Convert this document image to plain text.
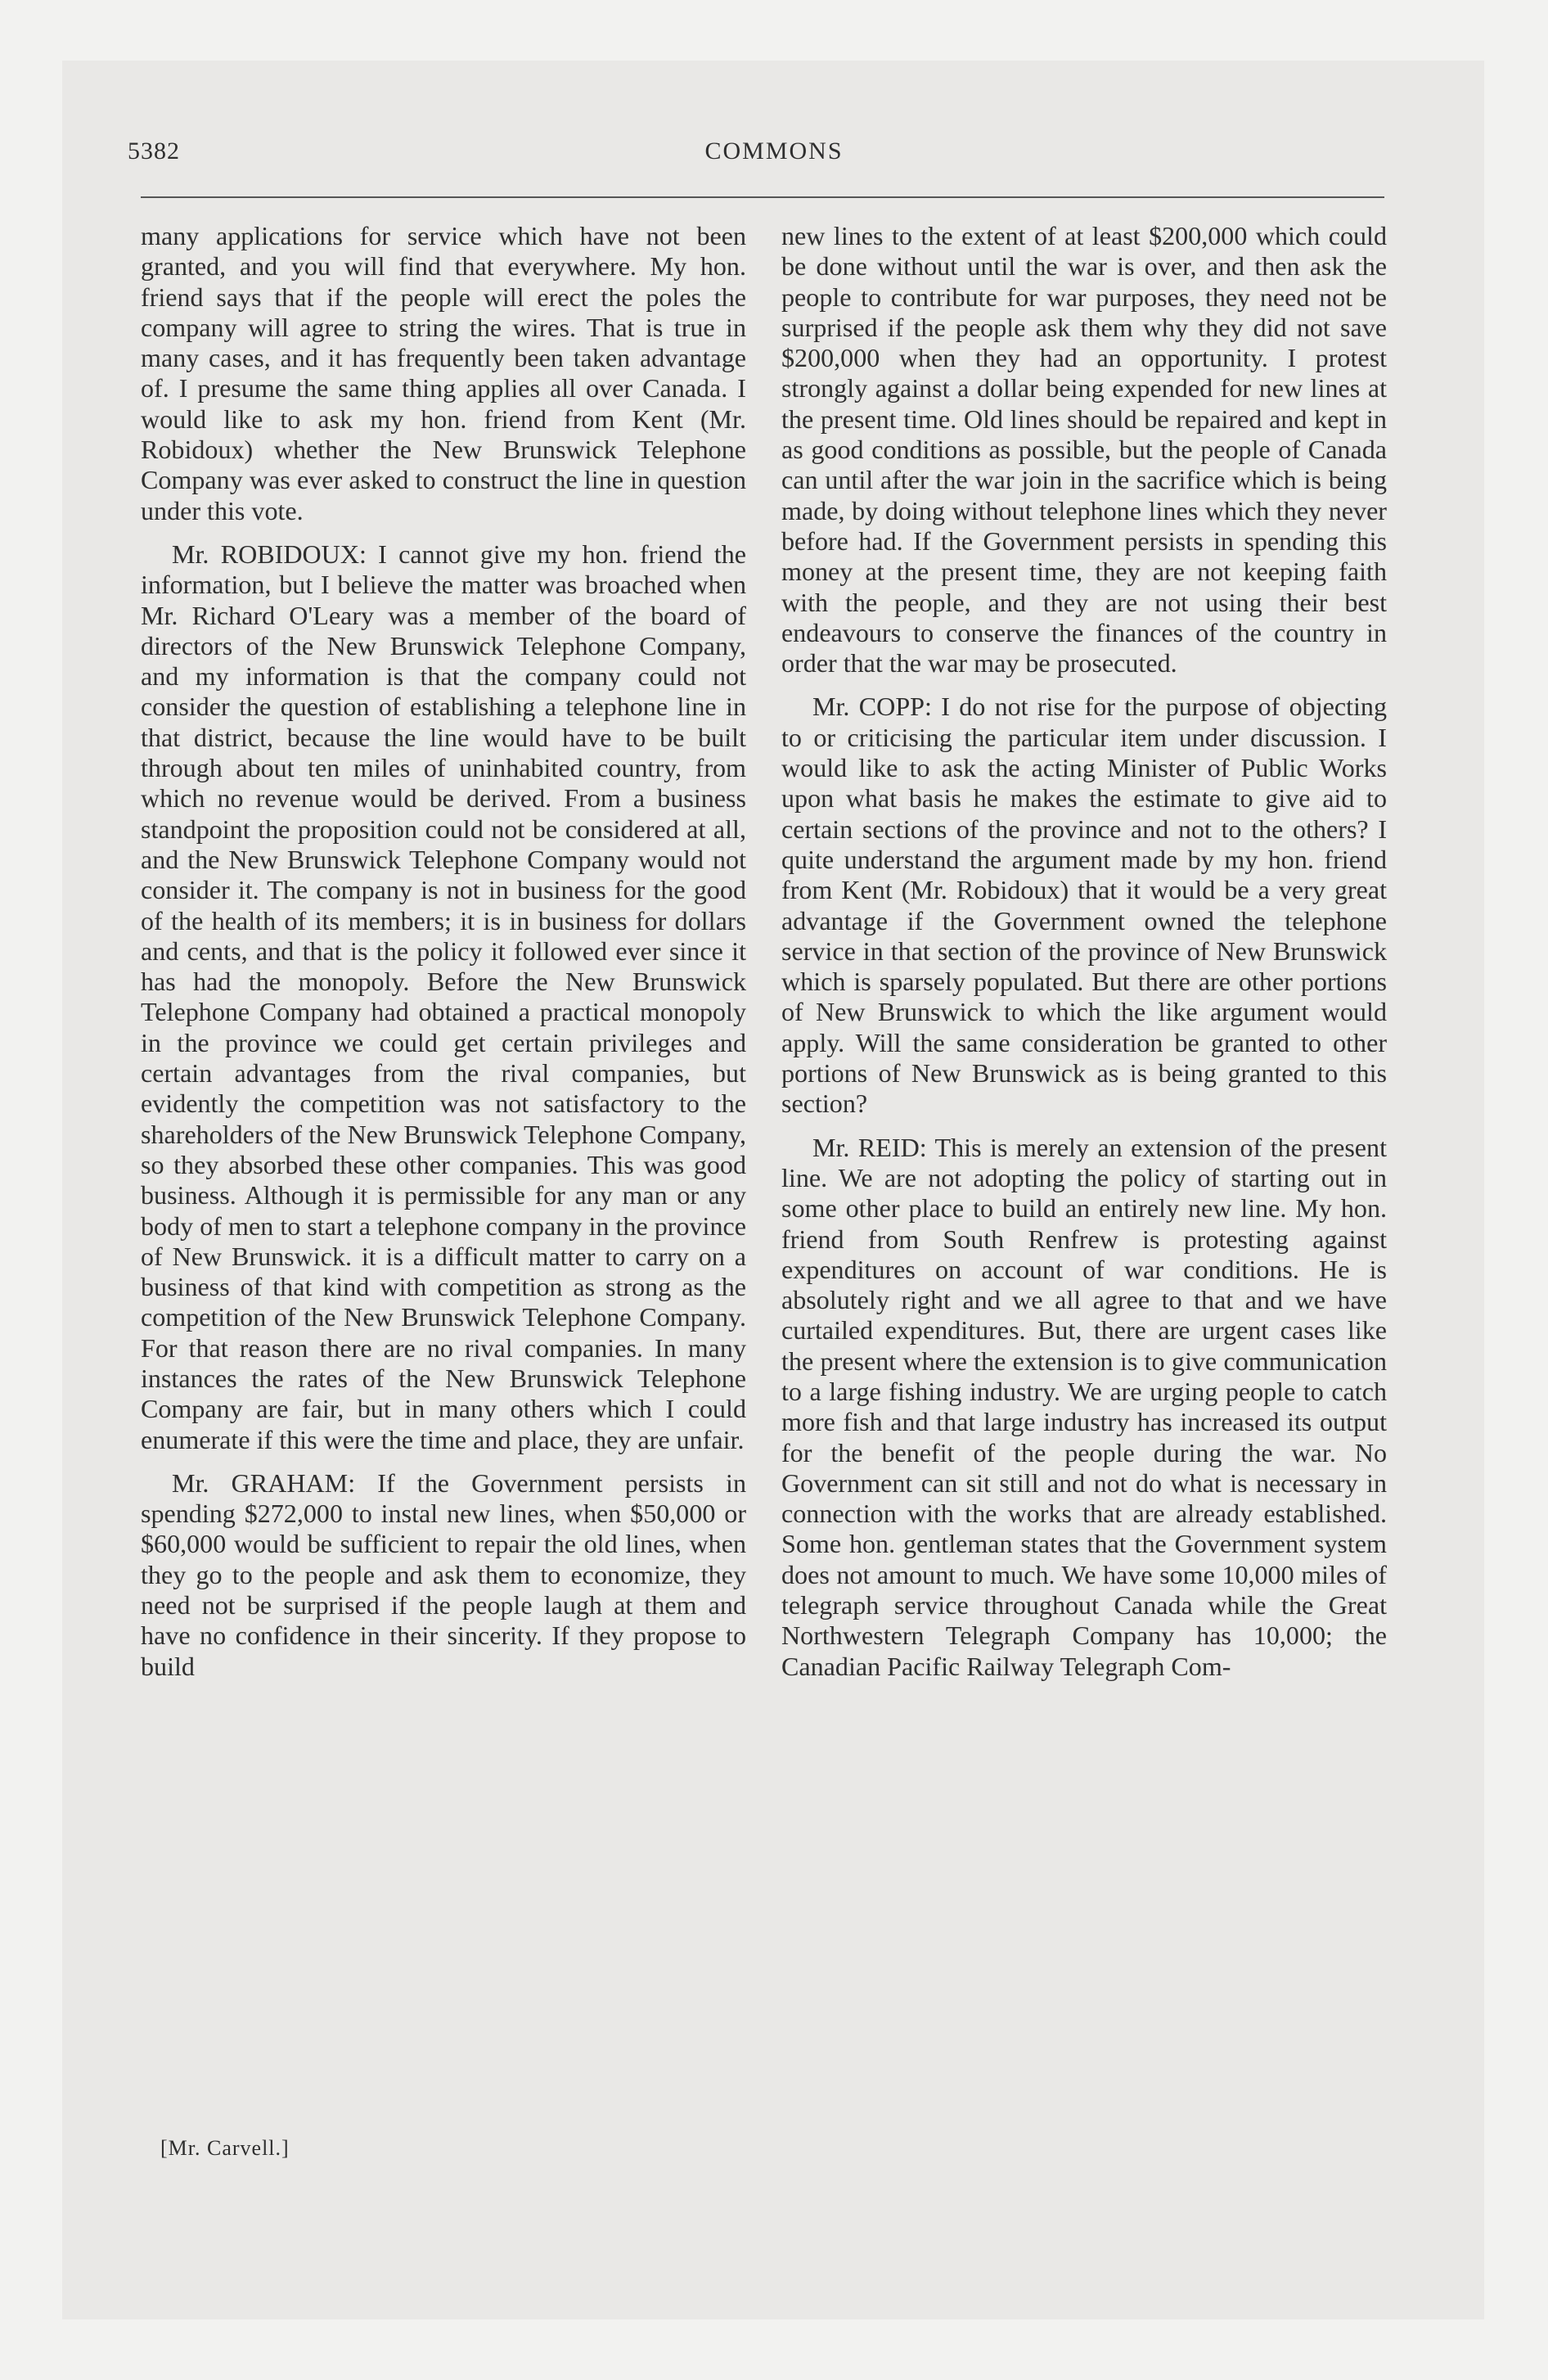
5382	COMMONS

many applications for service which have not been granted, and you will find that everywhere. My hon. friend says that if the people will erect the poles the company will agree to string the wires. That is true in many cases, and it has frequently been taken advantage of. I presume the same thing applies all over Canada. I would like to ask my hon. friend from Kent (Mr. Robidoux) whether the New Brunswick Telephone Company was ever asked to construct the line in question under this vote.

Mr. ROBIDOUX: I cannot give my hon. friend the information, but I believe the matter was broached when Mr. Richard O'Leary was a member of the board of directors of the New Brunswick Telephone Company, and my information is that the company could not consider the question of establishing a telephone line in that district, because the line would have to be built through about ten miles of uninhabited country, from which no revenue would be derived. From a business standpoint the proposition could not be considered at all, and the New Brunswick Telephone Company would not consider it. The company is not in business for the good of the health of its members; it is in business for dollars and cents, and that is the policy it followed ever since it has had the monopoly. Before the New Brunswick Telephone Company had obtained a practical monopoly in the province we could get certain privileges and certain advantages from the rival companies, but evidently the competition was not satisfactory to the shareholders of the New Brunswick Telephone Company, so they absorbed these other companies. This was good business. Although it is permissible for any man or any body of men to start a telephone company in the province of New Brunswick. it is a difficult matter to carry on a business of that kind with competition as strong as the competition of the New Brunswick Telephone Company. For that reason there are no rival companies. In many instances the rates of the New Brunswick Telephone Company are fair, but in many others which I could enumerate if this were the time and place, they are unfair.

Mr. GRAHAM: If the Government persists in spending $272,000 to instal new lines, when $50,000 or $60,000 would be sufficient to repair the old lines, when they go to the people and ask them to economize, they need not be surprised if the people laugh at them and have no confidence in their sincerity. If they propose to build

new lines to the extent of at least $200,000 which could be done without until the war is over, and then ask the people to contribute for war purposes, they need not be surprised if the people ask them why they did not save $200,000 when they had an opportunity. I protest strongly against a dollar being expended for new lines at the present time. Old lines should be repaired and kept in as good conditions as possible, but the people of Canada can until after the war join in the sacrifice which is being made, by doing without telephone lines which they never before had. If the Government persists in spending this money at the present time, they are not keeping faith with the people, and they are not using their best endeavours to conserve the finances of the country in order that the war may be prosecuted.

Mr. COPP: I do not rise for the purpose of objecting to or criticising the particular item under discussion. I would like to ask the acting Minister of Public Works upon what basis he makes the estimate to give aid to certain sections of the province and not to the others? I quite understand the argument made by my hon. friend from Kent (Mr. Robidoux) that it would be a very great advantage if the Government owned the telephone service in that section of the province of New Brunswick which is sparsely populated. But there are other portions of New Brunswick to which the like argument would apply. Will the same consideration be granted to other portions of New Brunswick as is being granted to this section?

Mr. REID: This is merely an extension of the present line. We are not adopting the policy of starting out in some other place to build an entirely new line. My hon. friend from South Renfrew is protesting against expenditures on account of war conditions. He is absolutely right and we all agree to that and we have curtailed expenditures. But, there are urgent cases like the present where the extension is to give communication to a large fishing industry. We are urging people to catch more fish and that large industry has increased its output for the benefit of the people during the war. No Government can sit still and not do what is necessary in connection with the works that are already established. Some hon. gentleman states that the Government system does not amount to much. We have some 10,000 miles of telegraph service throughout Canada while the Great Northwestern Telegraph Company has 10,000; the Canadian Pacific Railway Telegraph Com-

[Mr. Carvell.]
